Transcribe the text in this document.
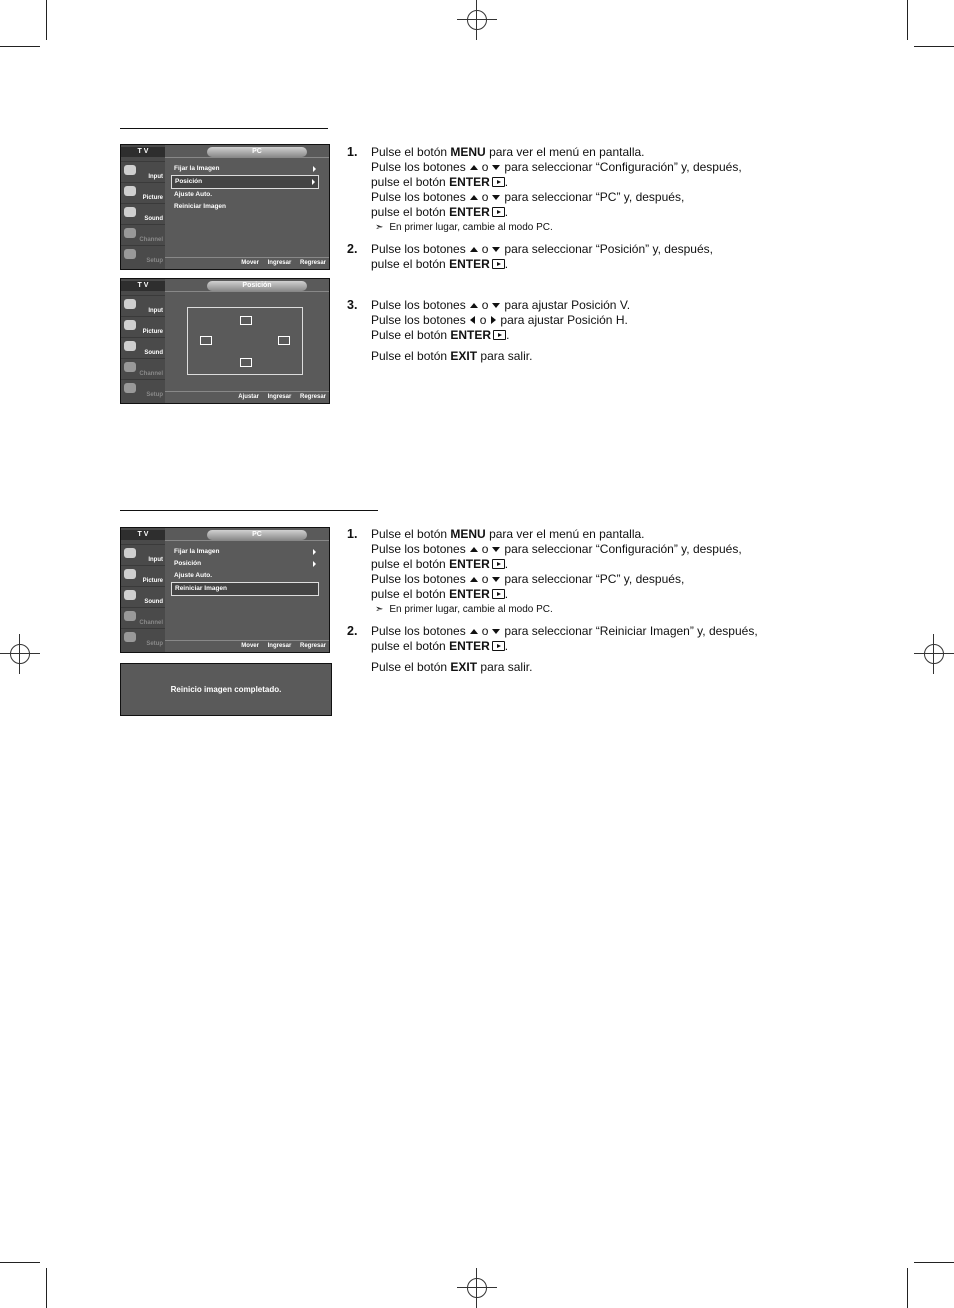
T V	PC
Input
Picture
Sound
Channel
Setup
Fijar la Imagen
Posición
Ajuste Auto.
Reiniciar Imagen
Mover Ingresar Regresar
T V	Posición
Input
Picture
Sound
Channel
Setup	Ajustar Ingresar Regresar
1. Pulse el botón MENU para ver el menú en pantalla.

Pulse los botones o para seleccionar “Configuración” y, después,

pulse el botón ENTER .

Pulse los botones o para seleccionar “PC” y, después,

pulse el botón ENTER .

➣ En primer lugar, cambie al modo PC.

2. Pulse los botones o para seleccionar “Posición” y, después,

pulse el botón ENTER .

3. Pulse los botones o para ajustar Posición V.

Pulse los botones o para ajustar Posición H.

Pulse el botón ENTER .

Pulse el botón EXIT para salir.

T V	PC
Input
Picture
Sound
Channel
Setup
Fijar la Imagen
Posición
Ajuste Auto.
Reiniciar Imagen
Mover Ingresar Regresar
Reinicio imagen completado.
1. Pulse el botón MENU para ver el menú en pantalla.

Pulse los botones o para seleccionar “Configuración” y, después,

pulse el botón ENTER .

Pulse los botones o para seleccionar “PC” y, después,

pulse el botón ENTER .

➣ En primer lugar, cambie al modo PC.

2. Pulse los botones o para seleccionar “Reiniciar Imagen” y, después,

pulse el botón ENTER .

Pulse el botón EXIT para salir.
